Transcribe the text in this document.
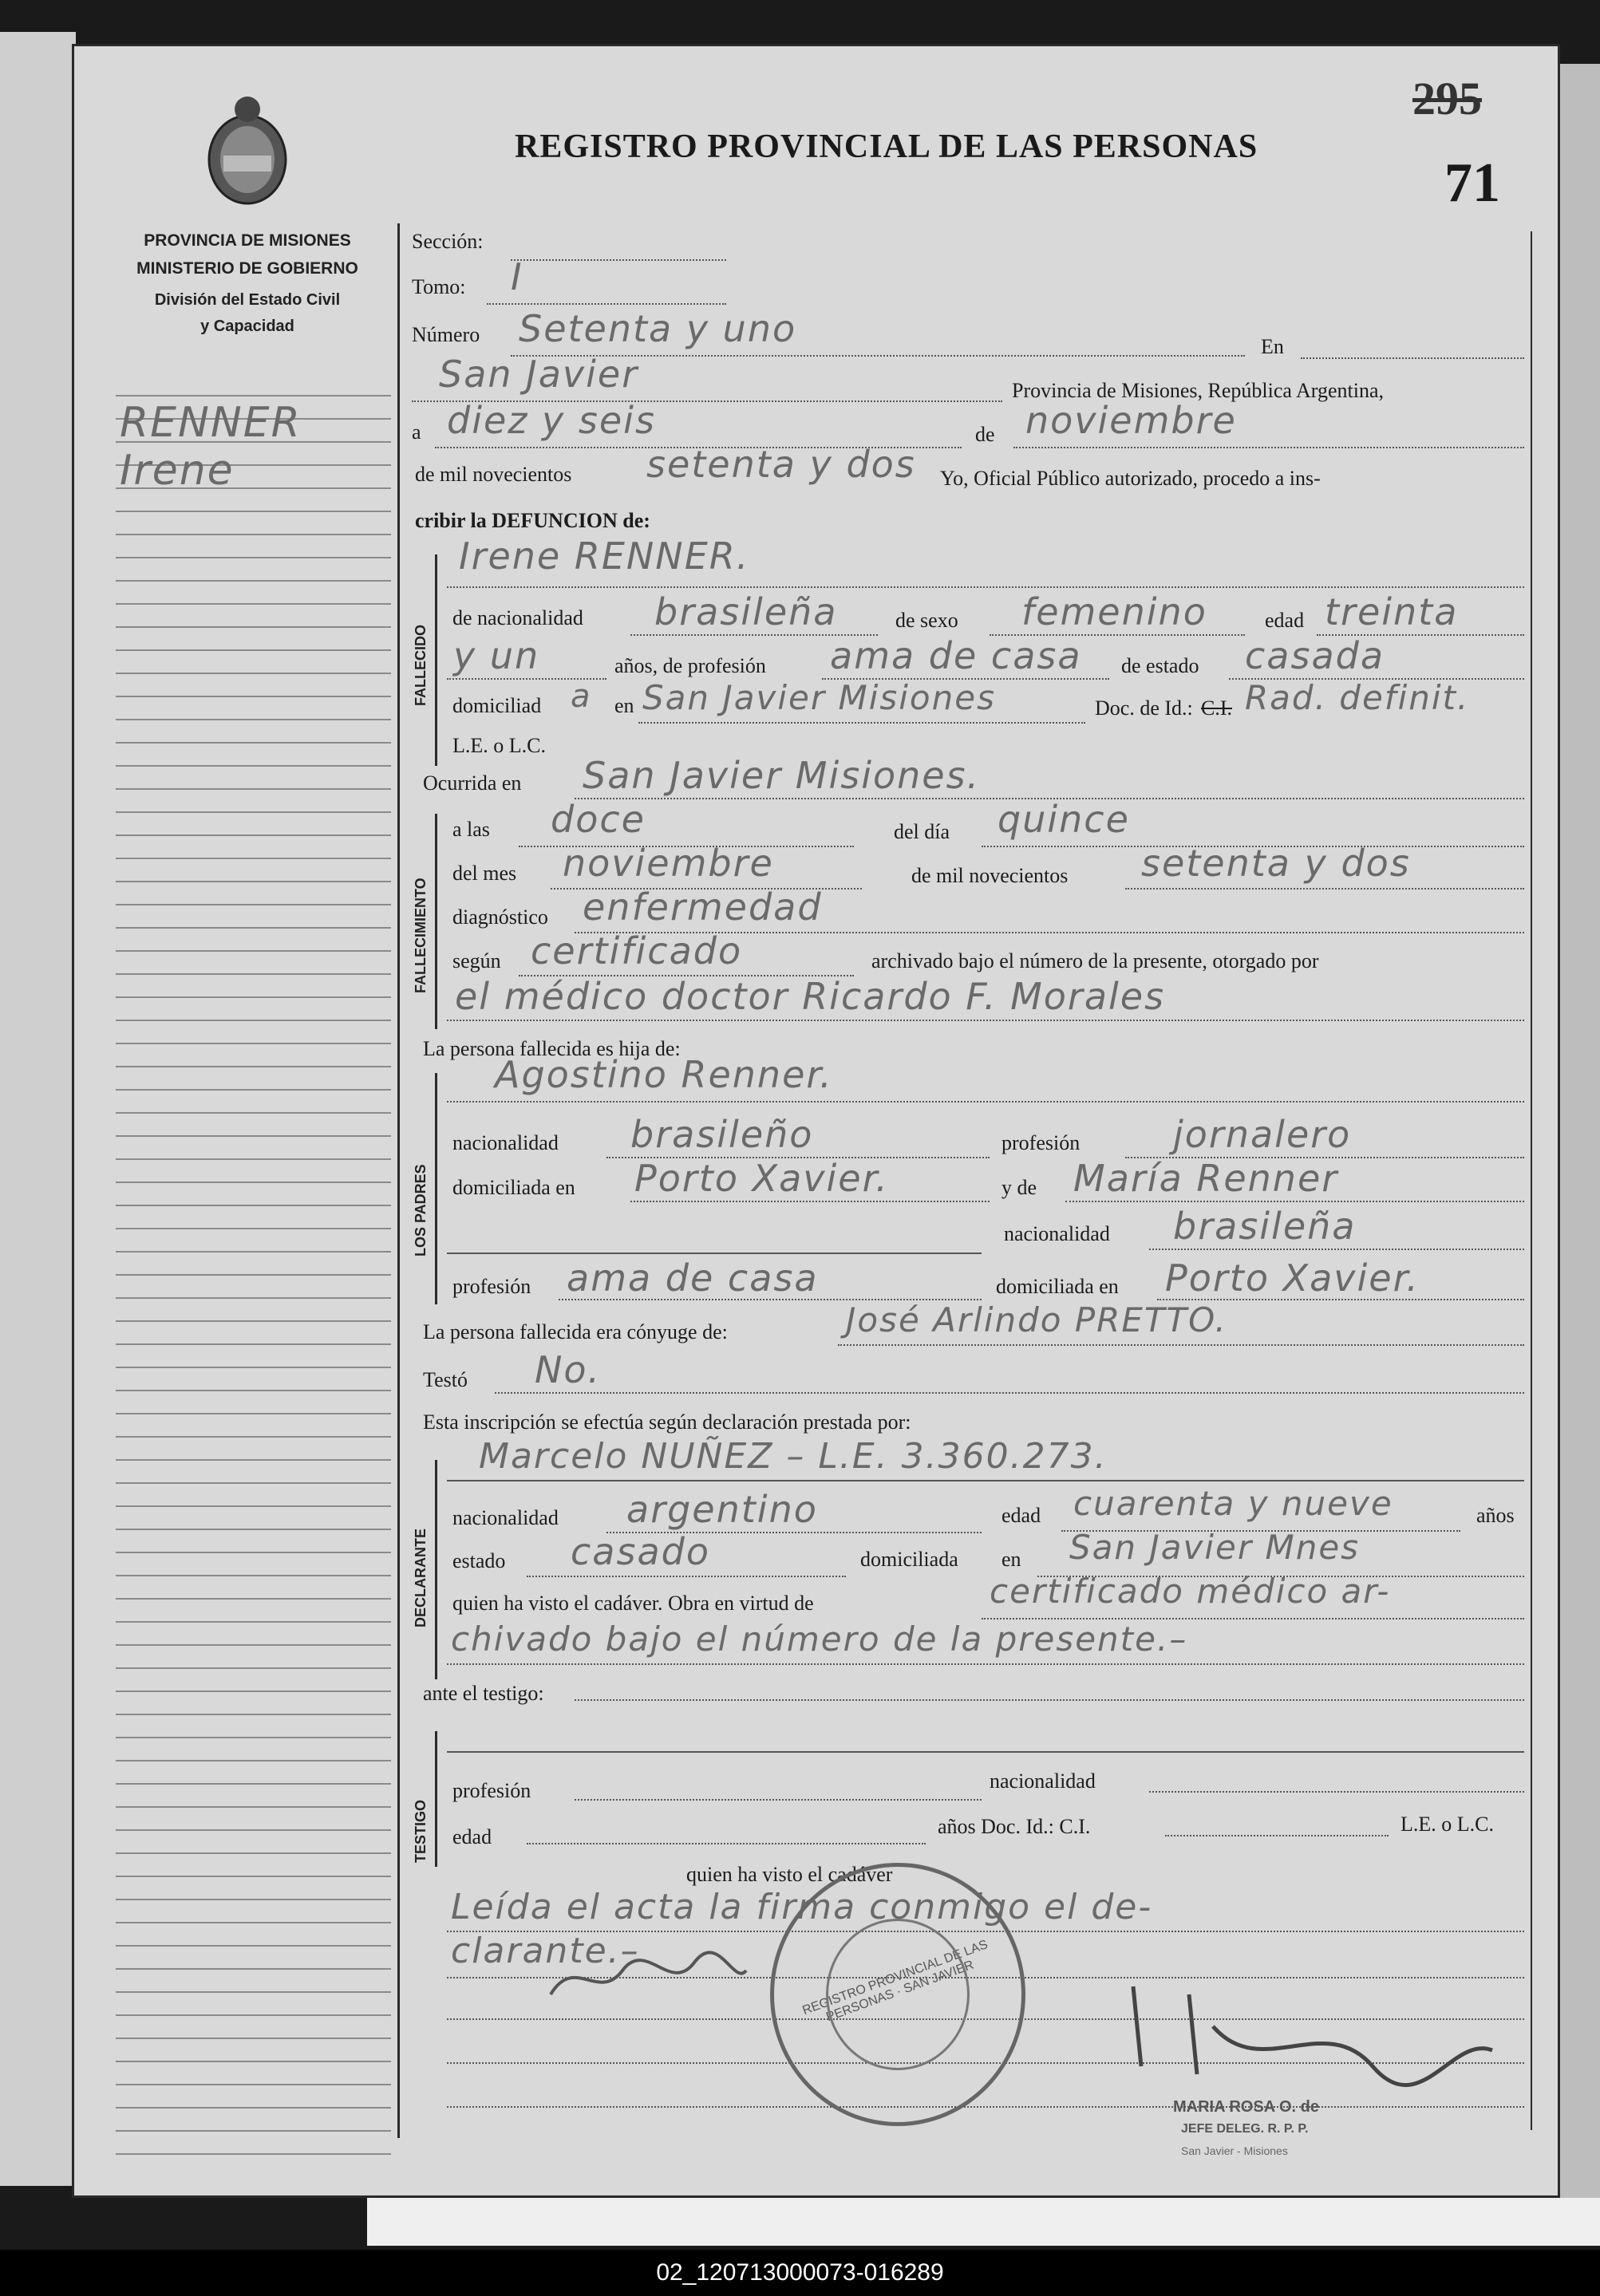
PROVINCIA DE MISIONES
MINISTERIO DE GOBIERNO
División del Estado Civil
y Capacidad
RENNER
Irene
REGISTRO PROVINCIAL DE LAS PERSONAS
295
71
Sección:
Tomo: I
Número Setenta y uno	En
San Javier	Provincia de Misiones, República Argentina,
a diez y seis	de noviembre
de mil novecientos setenta y dos Yo, Oficial Público autorizado, procedo a ins-
cribir la DEFUNCION de:
FALLECIDO
Irene RENNER.
de nacionalidad brasileña	de sexo femenino	edad treinta
y un	años, de profesión ama de casa de estado casada
domiciliad a en San Javier Misiones	Doc. de Id.: C.I. Rad. definit.
L.E. o L.C.
Ocurrida en San Javier Misiones.
FALLECIMIENTO
a las doce	del día quince
del mes noviembre	de mil novecientos setenta y dos
diagnóstico enfermedad
según certificado	archivado bajo el número de la presente, otorgado por
el médico doctor Ricardo F. Morales
La persona fallecida es hija de:
LOS PADRES
Agostino Renner.
nacionalidad brasileño	profesión	jornalero
domiciliada en Porto Xavier.	y de María Renner
nacionalidad brasileña
profesión ama de casa	domiciliada en Porto Xavier.
La persona fallecida era cónyuge de:	José Arlindo PRETTO.
Testó No.
Esta inscripción se efectúa según declaración prestada por:
DECLARANTE
Marcelo NUÑEZ – L.E. 3.360.273.
nacionalidad argentino	edad cuarenta y nueve	años
estado casado	domiciliada en San Javier Mnes
quien ha visto el cadáver. Obra en virtud de	certificado médico ar-
chivado bajo el número de la presente.–
ante el testigo:
TESTIGO
profesión	nacionalidad
edad	años Doc. Id.: C.I.	L.E. o L.C.
quien ha visto el cadáver
Leída el acta la firma conmigo el de-
clarante.–	REGISTRO PROVINCIAL DE LAS PERSONAS · SAN JAVIER
MARIA ROSA O. de
JEFE DELEG. R. P. P.
San Javier - Misiones
02_120713000073-016289
